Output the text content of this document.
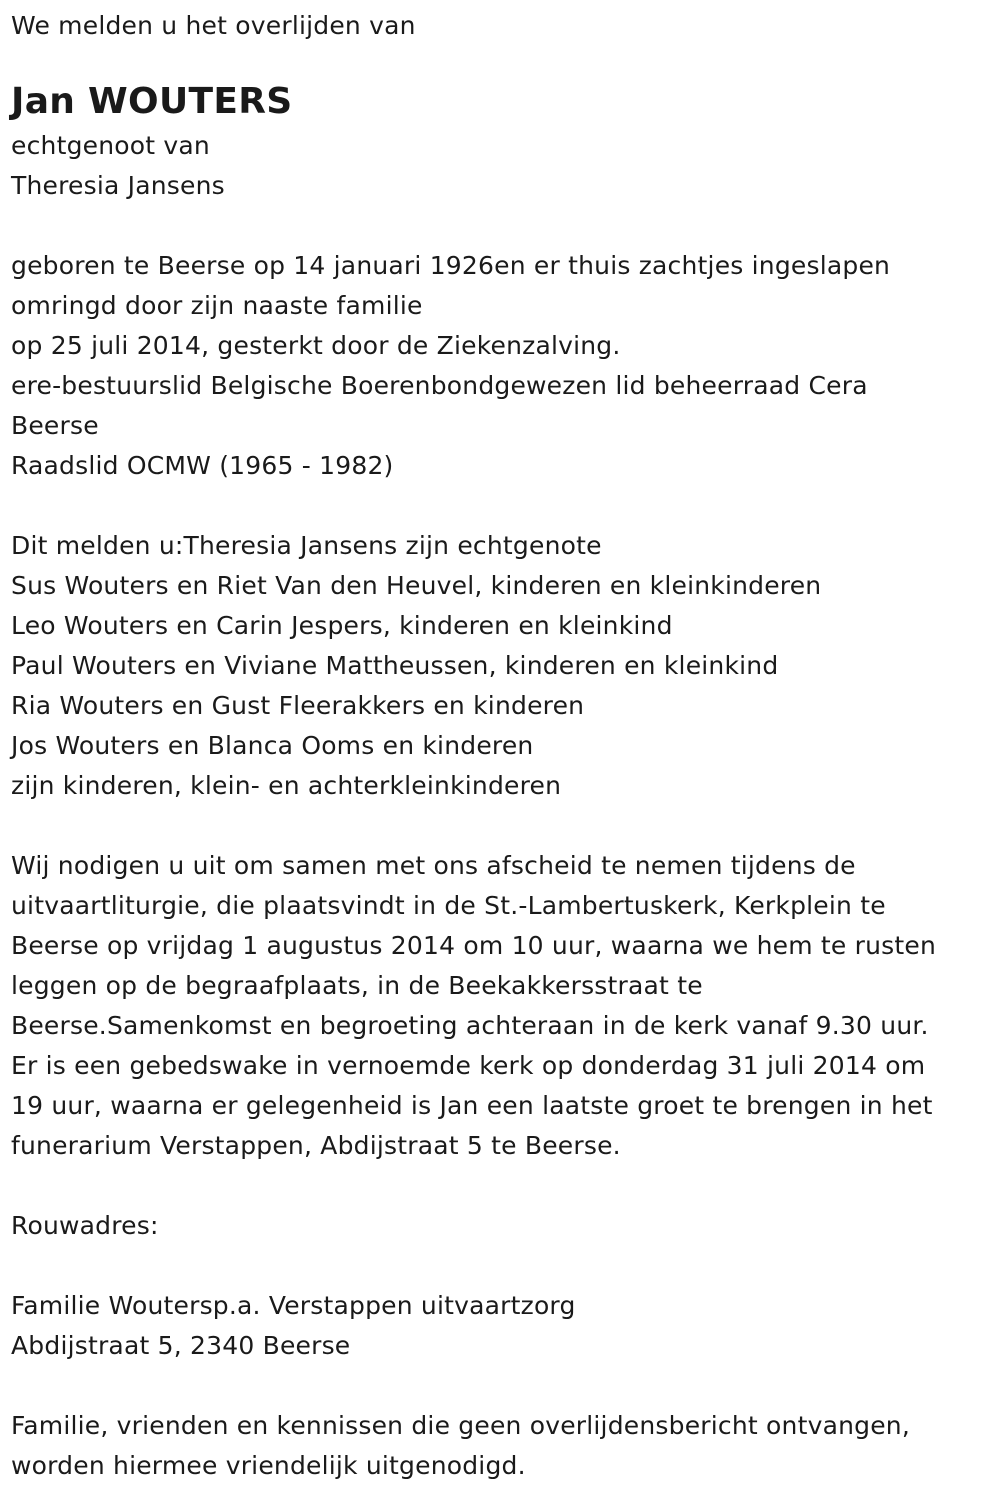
We melden u het overlijden van
Jan WOUTERS
echtgenoot van
Theresia Jansens
geboren te Beerse op 14 januari 1926en er thuis zachtjes ingeslapen
omringd door zijn naaste familie
op 25 juli 2014, gesterkt door de Ziekenzalving.
ere-bestuurslid Belgische Boerenbondgewezen lid beheerraad Cera
Beerse
Raadslid OCMW (1965 - 1982)
Dit melden u:Theresia Jansens zijn echtgenote
Sus Wouters en Riet Van den Heuvel, kinderen en kleinkinderen
Leo Wouters en Carin Jespers, kinderen en kleinkind
Paul Wouters en Viviane Mattheussen, kinderen en kleinkind
Ria Wouters en Gust Fleerakkers en kinderen
Jos Wouters en Blanca Ooms en kinderen
zijn kinderen, klein- en achterkleinkinderen
Wij nodigen u uit om samen met ons afscheid te nemen tijdens de
uitvaartliturgie, die plaatsvindt in de St.-Lambertuskerk, Kerkplein te
Beerse op vrijdag 1 augustus 2014 om 10 uur, waarna we hem te rusten
leggen op de begraafplaats, in de Beekakkersstraat te
Beerse.Samenkomst en begroeting achteraan in de kerk vanaf 9.30 uur.
Er is een gebedswake in vernoemde kerk op donderdag 31 juli 2014 om
19 uur, waarna er gelegenheid is Jan een laatste groet te brengen in het
funerarium Verstappen, Abdijstraat 5 te Beerse.
Rouwadres:
Familie Woutersp.a. Verstappen uitvaartzorg
Abdijstraat 5, 2340 Beerse
Familie, vrienden en kennissen die geen overlijdensbericht ontvangen,
worden hiermee vriendelijk uitgenodigd.
